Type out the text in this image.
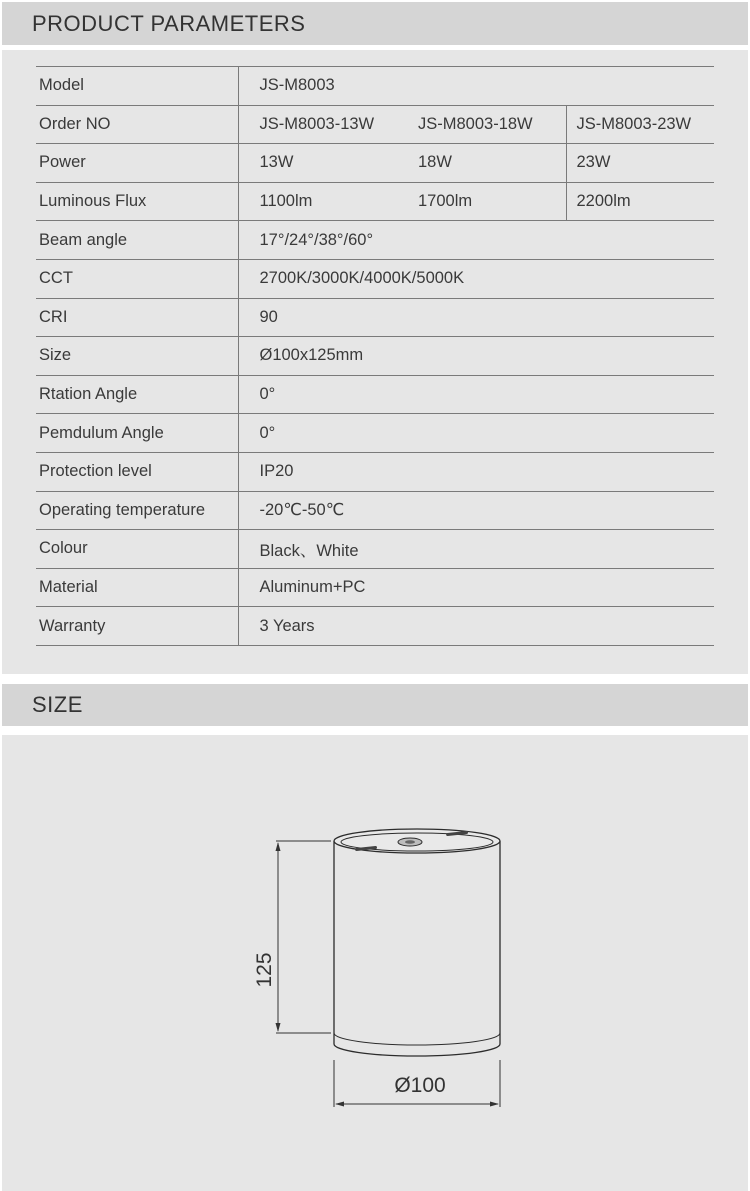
PRODUCT PARAMETERS
Model	JS-M8003		
Order NO	JS-M8003-13W	JS-M8003-18W	JS-M8003-23W
Power	13W	18W	23W
Luminous Flux	1100lm	1700lm	2200lm
Beam angle	17°/24°/38°/60°		
CCT	2700K/3000K/4000K/5000K		
CRI	90		
Size	Ø100x125mm		
Rtation Angle	0°		
Pemdulum Angle	0°		
Protection level	IP20		
Operating temperature	-20℃-50℃		
Colour	Black、White		
Material	Aluminum+PC		
Warranty	3 Years		
SIZE
125
Ø100
